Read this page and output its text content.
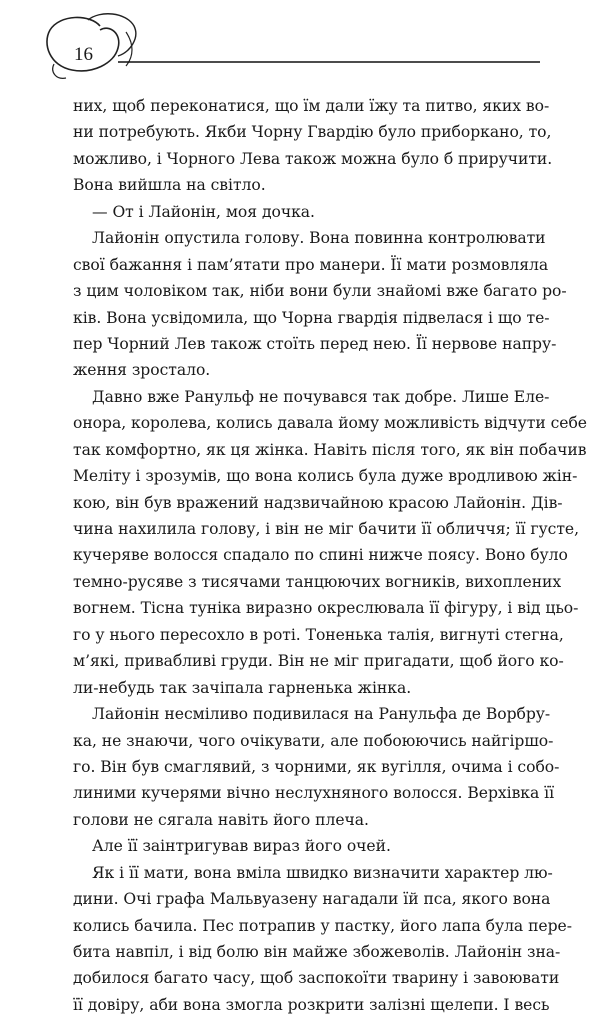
16
них, щоб переконатися, що їм дали їжу та питво, яких во-
ни потребують. Якби Чорну Гвардію було приборкано, то,
можливо, і Чорного Лева також можна було б приручити.
Вона вийшла на світло.
— От і Лайонін, моя дочка.
Лайонін опустила голову. Вона повинна контролювати
свої бажання і пам’ятати про манери. Її мати розмовляла
з цим чоловіком так, ніби вони були знайомі вже багато ро-
ків. Вона усвідомила, що Чорна гвардія підвелася і що те-
пер Чорний Лев також стоїть перед нею. Її нервове напру-
ження зростало.
Давно вже Ранульф не почувався так добре. Лише Еле-
онора, королева, колись давала йому можливість відчути себе
так комфортно, як ця жінка. Навіть після того, як він побачив
Меліту і зрозумів, що вона колись була дуже вродливою жін-
кою, він був вражений надзвичайною красою Лайонін. Дів-
чина нахилила голову, і він не міг бачити її обличчя; її густе,
кучеряве волосся спадало по спині нижче поясу. Воно було
темно-русяве з тисячами танцюючих вогників, вихоплених
вогнем. Тісна туніка виразно окреслювала її фігуру, і від цьо-
го у нього пересохло в роті. Тоненька талія, вигнуті стегна,
м’які, привабливі груди. Він не міг пригадати, щоб його ко-
ли-небудь так зачіпала гарненька жінка.
Лайонін несміливо подивилася на Ранульфа де Ворбру-
ка, не знаючи, чого очікувати, але побоюючись найгіршо-
го. Він був смаглявий, з чорними, як вугілля, очима і собо-
линими кучерями вічно неслухняного волосся. Верхівка її
голови не сягала навіть його плеча.
Але її заінтригував вираз його очей.
Як і її мати, вона вміла швидко визначити характер лю-
дини. Очі графа Мальвуазену нагадали їй пса, якого вона
колись бачила. Пес потрапив у пастку, його лапа була пере-
бита навпіл, і від болю він майже збожеволів. Лайонін зна-
добилося багато часу, щоб заспокоїти тварину і завоювати
її довіру, аби вона змогла розкрити залізні щелепи. І весь
